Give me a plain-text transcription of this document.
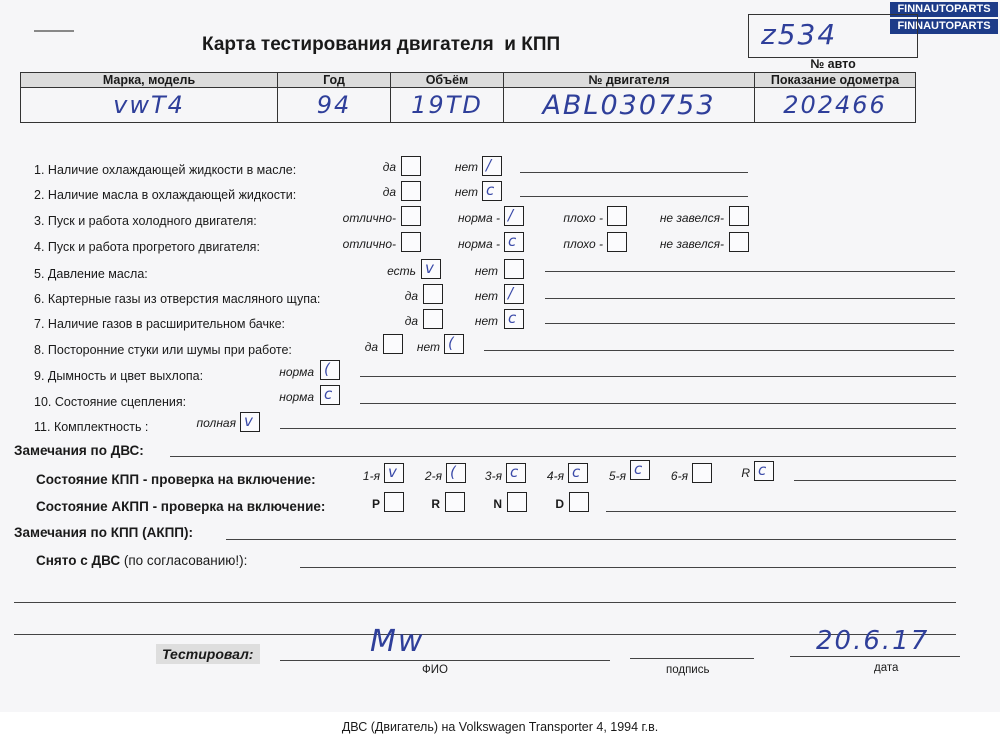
FINNAUTOPARTS
FINNAUTOPARTS
Карта тестирования двигателя  и КПП	z534
№ авто
Марка, модель	Год	Объём	№ двигателя	Показание одометра
vwT4	94	19TD	ABL030753	202466
1. Наличие охлаждающей жидкости в масле:	да	нет /
2. Наличие масла в охлаждающей жидкости:	да	нет c
3. Пуск и работа холодного двигателя:	отлично-	норма - /	плохо -	не завелся-
4. Пуск и работа прогретого двигателя:	отлично-	норма - c	плохо -	не завелся-
5. Давление масла:	есть v	нет
6. Картерные газы из отверстия масляного щупа:	да	нет /
7. Наличие газов в расширительном бачке:	да	нет c
8. Посторонние стуки или шумы при работе:	да	нет (
9. Дымность и цвет выхлопа:	норма (
10. Состояние сцепления:	норма c
11. Комплектность :	полная v
Замечания по ДВС:
Состояние КПП - проверка на включение:	1-я v	2-я (	3-я c	4-я c	5-я c	6-я	R c
Состояние АКПП - проверка на включение:	P	R	N	D
Замечания по КПП (АКПП):
Снято с ДВС (по согласованию!):
Тестировал:	Mw
ФИО	подпись
20.6.17
дата
ДВС (Двигатель) на Volkswagen Transporter 4, 1994 г.в.
